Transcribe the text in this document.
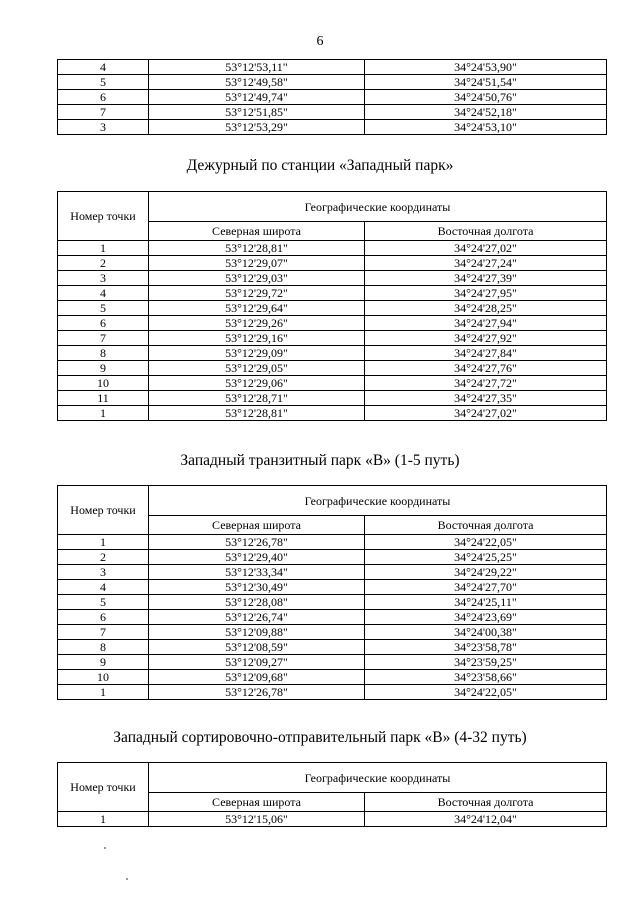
6
4	53°12'53,11"	34°24'53,90"
5	53°12'49,58"	34°24'51,54"
6	53°12'49,74"	34°24'50,76"
7	53°12'51,85"	34°24'52,18"
3	53°12'53,29"	34°24'53,10"
Дежурный по станции «Западный парк»
Номер точки	Географические координаты	
	Северная широта	Восточная долгота
1	53°12'28,81"	34°24'27,02"
2	53°12'29,07"	34°24'27,24"
3	53°12'29,03"	34°24'27,39"
4	53°12'29,72"	34°24'27,95"
5	53°12'29,64"	34°24'28,25"
6	53°12'29,26"	34°24'27,94"
7	53°12'29,16"	34°24'27,92"
8	53°12'29,09"	34°24'27,84"
9	53°12'29,05"	34°24'27,76"
10	53°12'29,06"	34°24'27,72"
11	53°12'28,71"	34°24'27,35"
1	53°12'28,81"	34°24'27,02"
Западный транзитный парк «В» (1-5 путь)
Номер точки	Географические координаты	
	Северная широта	Восточная долгота
1	53°12'26,78"	34°24'22,05"
2	53°12'29,40"	34°24'25,25"
3	53°12'33,34"	34°24'29,22"
4	53°12'30,49"	34°24'27,70"
5	53°12'28,08"	34°24'25,11"
6	53°12'26,74"	34°24'23,69"
7	53°12'09,88"	34°24'00,38"
8	53°12'08,59"	34°23'58,78"
9	53°12'09,27"	34°23'59,25"
10	53°12'09,68"	34°23'58,66"
1	53°12'26,78"	34°24'22,05"
Западный сортировочно-отправительный парк «В» (4-32 путь)
Номер точки	Географические координаты	
	Северная широта	Восточная долгота
1	53°12'15,06"	34°24'12,04"
